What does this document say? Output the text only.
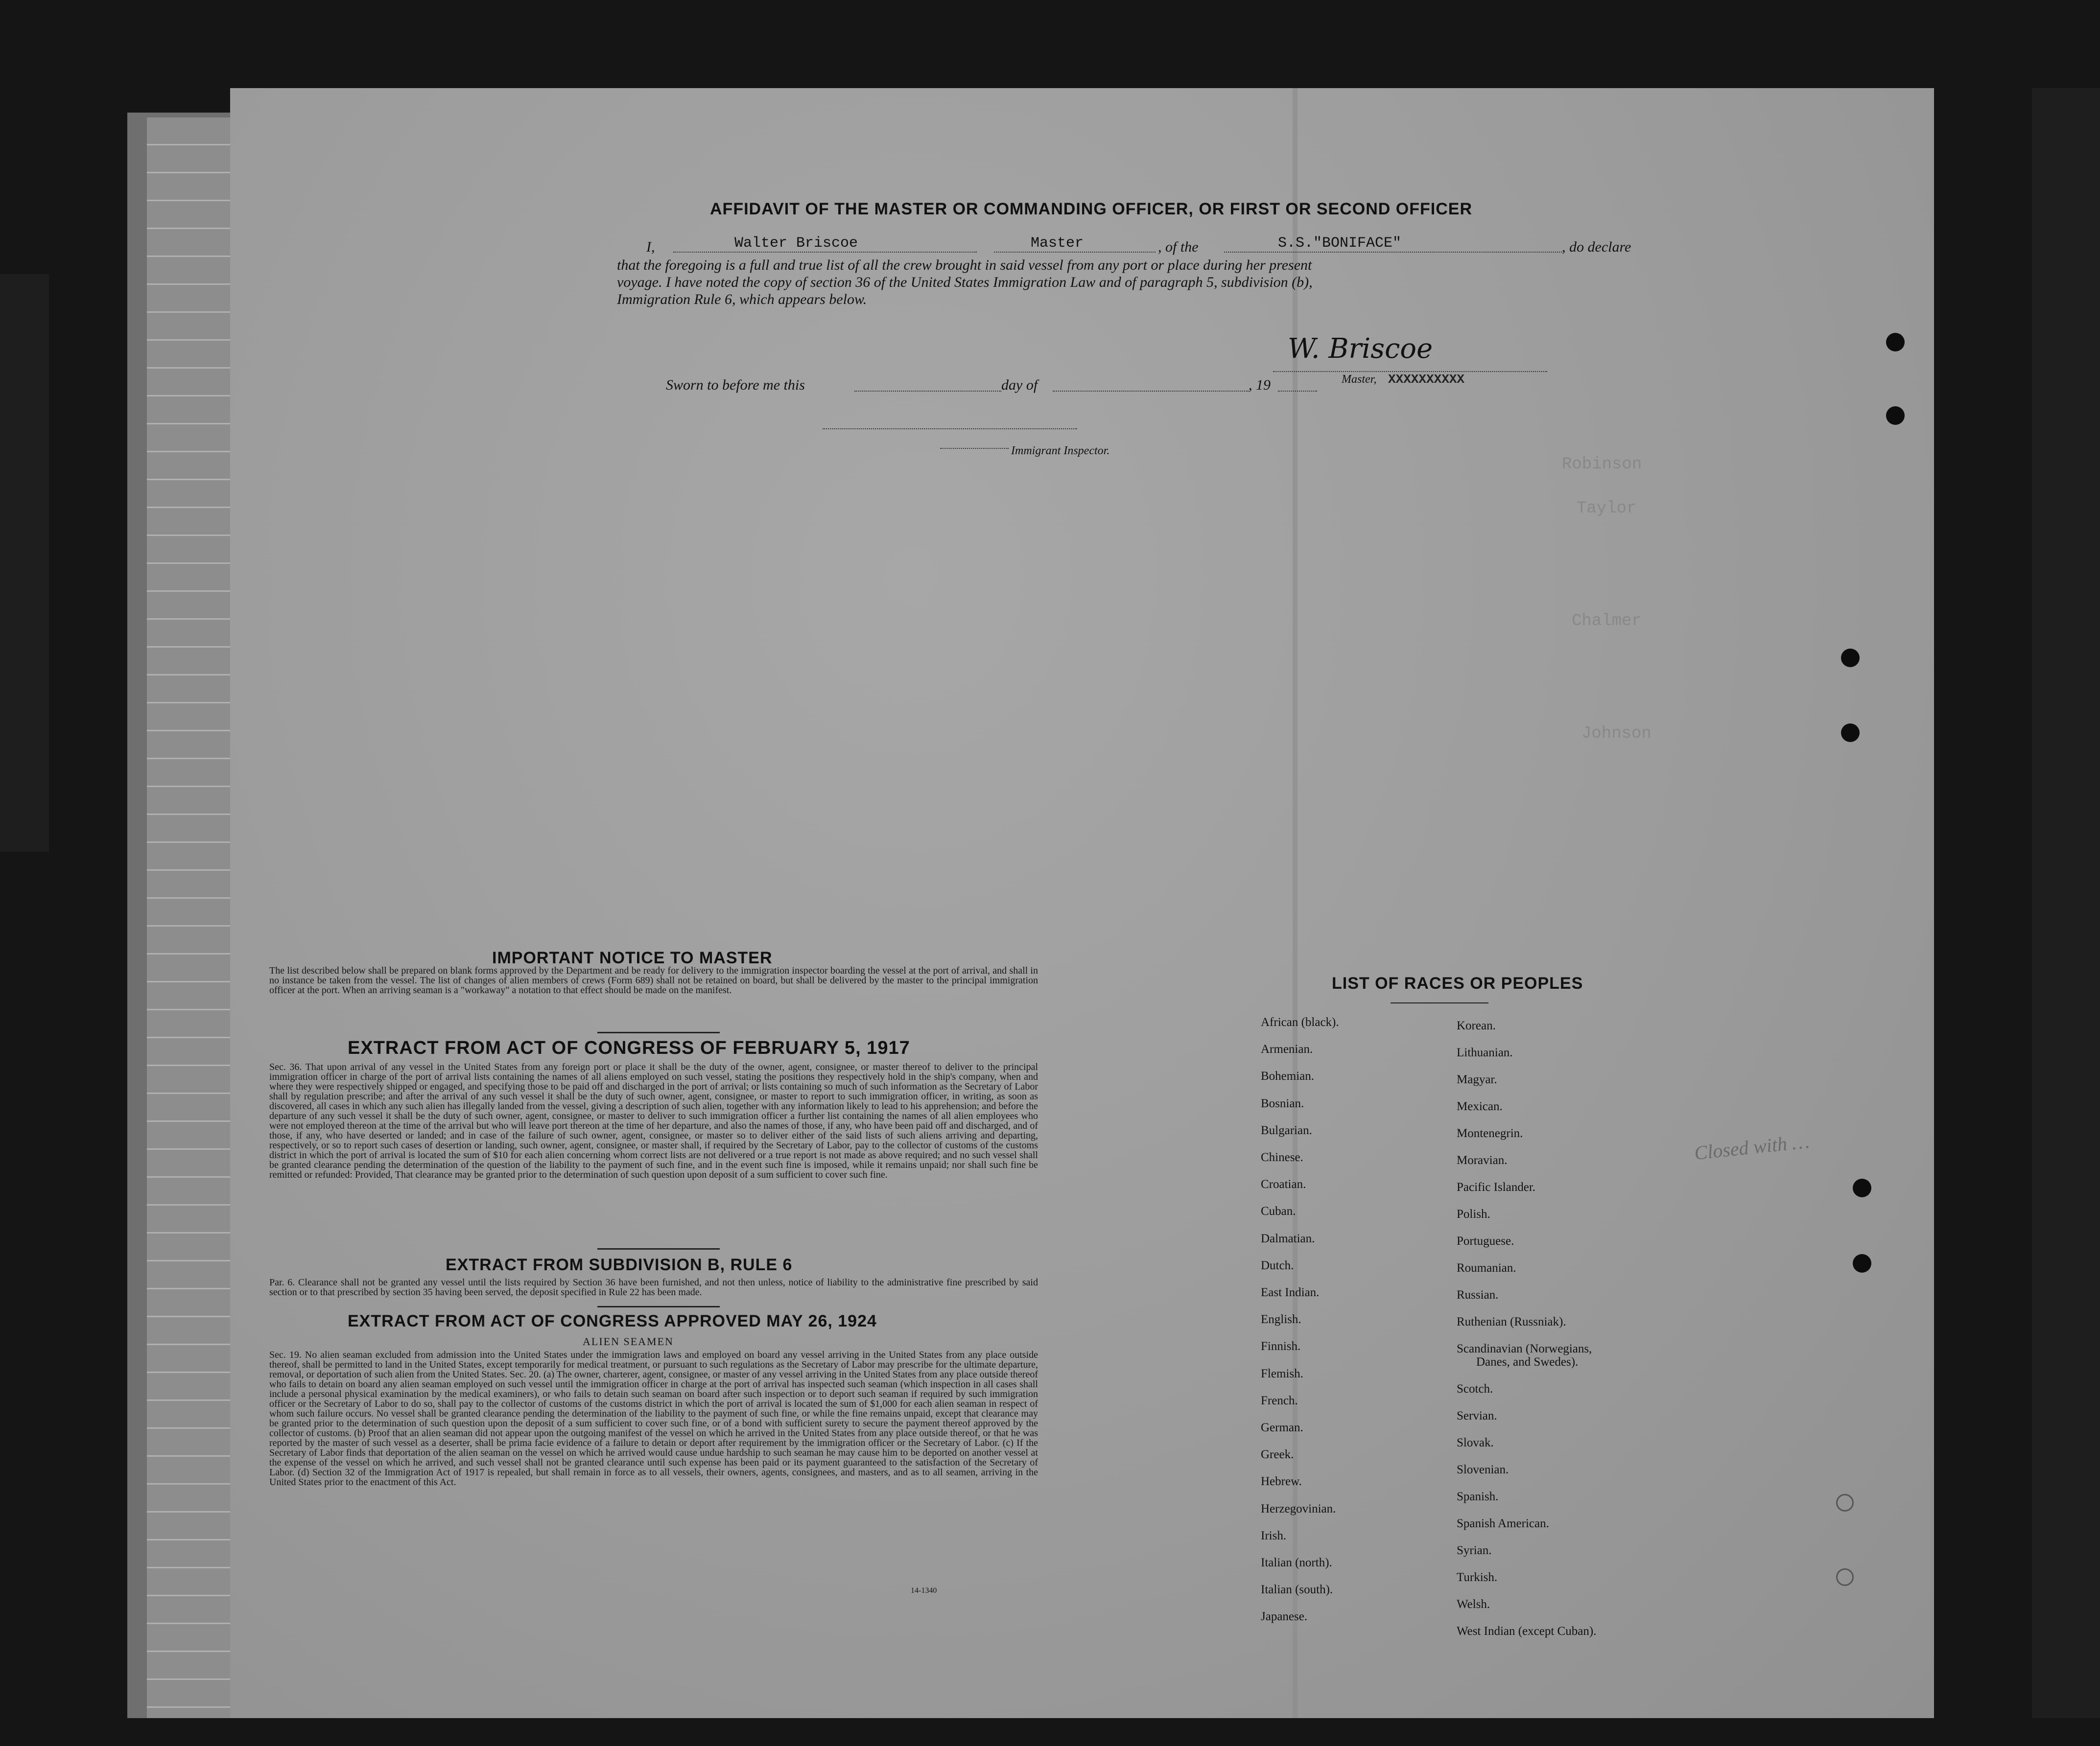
Robinson
Taylor
Chalmer
Johnson
AFFIDAVIT OF THE MASTER OR COMMANDING OFFICER, OR FIRST OR SECOND OFFICER
I,	Walter Briscoe	Master	, of the	S.S."BONIFACE"	, do declare
that the foregoing is a full and true list of all the crew brought in said vessel from any port or place during her present
voyage. I have noted the copy of section 36 of the United States Immigration Law and of paragraph 5, subdivision (b),
Immigration Rule 6, which appears below.
W. Briscoe
Master, XXXXXXXXXX
Sworn to before me this	day of	, 19
Immigrant Inspector.
IMPORTANT NOTICE TO MASTER
The list described below shall be prepared on blank forms approved by the Department and be ready for delivery to the immigration inspector boarding the vessel at the port of arrival, and shall in no instance be taken from the vessel. The list of changes of alien members of crews (Form 689) shall not be retained on board, but shall be delivered by the master to the principal immigration officer at the port. When an arriving seaman is a "workaway" a notation to that effect should be made on the manifest.
EXTRACT FROM ACT OF CONGRESS OF FEBRUARY 5, 1917
Sec. 36. That upon arrival of any vessel in the United States from any foreign port or place it shall be the duty of the owner, agent, consignee, or master thereof to deliver to the principal immigration officer in charge of the port of arrival lists containing the names of all aliens employed on such vessel, stating the positions they respectively hold in the ship's company, when and where they were respectively shipped or engaged, and specifying those to be paid off and discharged in the port of arrival; or lists containing so much of such information as the Secretary of Labor shall by regulation prescribe; and after the arrival of any such vessel it shall be the duty of such owner, agent, consignee, or master to report to such immigration officer, in writing, as soon as discovered, all cases in which any such alien has illegally landed from the vessel, giving a description of such alien, together with any information likely to lead to his apprehension; and before the departure of any such vessel it shall be the duty of such owner, agent, consignee, or master to deliver to such immigration officer a further list containing the names of all alien employees who were not employed thereon at the time of the arrival but who will leave port thereon at the time of her departure, and also the names of those, if any, who have been paid off and discharged, and of those, if any, who have deserted or landed; and in case of the failure of such owner, agent, consignee, or master so to deliver either of the said lists of such aliens arriving and departing, respectively, or so to report such cases of desertion or landing, such owner, agent, consignee, or master shall, if required by the Secretary of Labor, pay to the collector of customs of the customs district in which the port of arrival is located the sum of $10 for each alien concerning whom correct lists are not delivered or a true report is not made as above required; and no such vessel shall be granted clearance pending the determination of the question of the liability to the payment of such fine, and in the event such fine is imposed, while it remains unpaid; nor shall such fine be remitted or refunded: Provided, That clearance may be granted prior to the determination of such question upon deposit of a sum sufficient to cover such fine.
EXTRACT FROM SUBDIVISION B, RULE 6
Par. 6. Clearance shall not be granted any vessel until the lists required by Section 36 have been furnished, and not then unless, notice of liability to the administrative fine prescribed by said section or to that prescribed by section 35 having been served, the deposit specified in Rule 22 has been made.
EXTRACT FROM ACT OF CONGRESS APPROVED MAY 26, 1924
ALIEN SEAMEN
Sec. 19. No alien seaman excluded from admission into the United States under the immigration laws and employed on board any vessel arriving in the United States from any place outside thereof, shall be permitted to land in the United States, except temporarily for medical treatment, or pursuant to such regulations as the Secretary of Labor may prescribe for the ultimate departure, removal, or deportation of such alien from the United States. Sec. 20. (a) The owner, charterer, agent, consignee, or master of any vessel arriving in the United States from any place outside thereof who fails to detain on board any alien seaman employed on such vessel until the immigration officer in charge at the port of arrival has inspected such seaman (which inspection in all cases shall include a personal physical examination by the medical examiners), or who fails to detain such seaman on board after such inspection or to deport such seaman if required by such immigration officer or the Secretary of Labor to do so, shall pay to the collector of customs of the customs district in which the port of arrival is located the sum of $1,000 for each alien seaman in respect of whom such failure occurs. No vessel shall be granted clearance pending the determination of the liability to the payment of such fine, or while the fine remains unpaid, except that clearance may be granted prior to the determination of such question upon the deposit of a sum sufficient to cover such fine, or of a bond with sufficient surety to secure the payment thereof approved by the collector of customs. (b) Proof that an alien seaman did not appear upon the outgoing manifest of the vessel on which he arrived in the United States from any place outside thereof, or that he was reported by the master of such vessel as a deserter, shall be prima facie evidence of a failure to detain or deport after requirement by the immigration officer or the Secretary of Labor. (c) If the Secretary of Labor finds that deportation of the alien seaman on the vessel on which he arrived would cause undue hardship to such seaman he may cause him to be deported on another vessel at the expense of the vessel on which he arrived, and such vessel shall not be granted clearance until such expense has been paid or its payment guaranteed to the satisfaction of the Secretary of Labor. (d) Section 32 of the Immigration Act of 1917 is repealed, but shall remain in force as to all vessels, their owners, agents, consignees, and masters, and as to all seamen, arriving in the United States prior to the enactment of this Act.
14-1340
LIST OF RACES OR PEOPLES
African (black).
Armenian.
Bohemian.
Bosnian.
Bulgarian.
Chinese.
Croatian.
Cuban.
Dalmatian.
Dutch.
East Indian.
English.
Finnish.
Flemish.
French.
German.
Greek.
Hebrew.
Herzegovinian.
Irish.
Italian (north).
Italian (south).
Japanese.
Korean.
Lithuanian.
Magyar.
Mexican.
Montenegrin.
Moravian.
Pacific Islander.
Polish.
Portuguese.
Roumanian.
Russian.
Ruthenian (Russniak).
Scandinavian (Norwegians,
Danes, and Swedes).
Scotch.
Servian.
Slovak.
Slovenian.
Spanish.
Spanish American.
Syrian.
Turkish.
Welsh.
West Indian (except Cuban).
Closed with …
